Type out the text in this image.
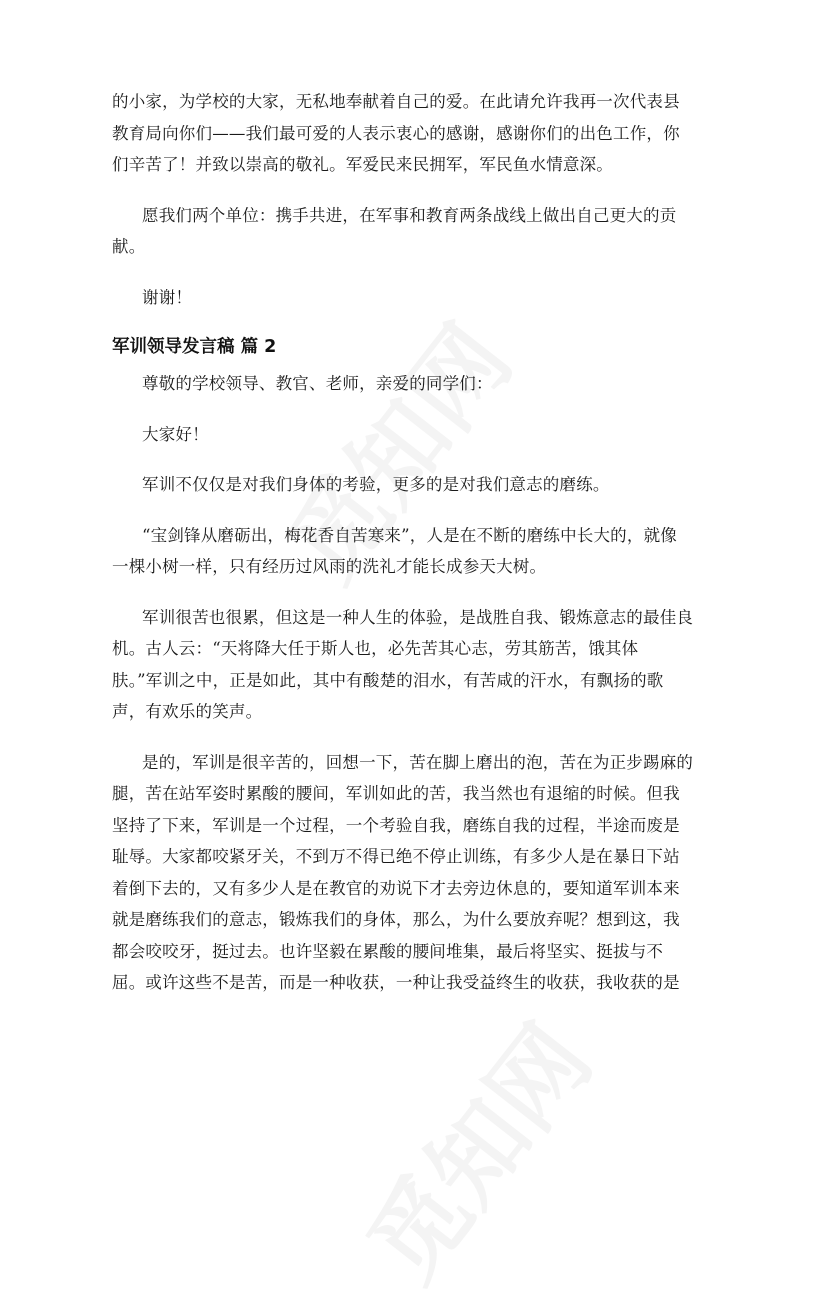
的小家，为学校的大家，无私地奉献着自己的爱。在此请允许我再一次代表县
教育局向你们——我们最可爱的人表示衷心的感谢，感谢你们的出色工作，你
们辛苦了！并致以崇高的敬礼。军爱民来民拥军，军民鱼水情意深。
愿我们两个单位：携手共进，在军事和教育两条战线上做出自己更大的贡
献。
谢谢！
军训领导发言稿 篇 2
尊敬的学校领导、教官、老师，亲爱的同学们：
大家好！
军训不仅仅是对我们身体的考验，更多的是对我们意志的磨练。
“宝剑锋从磨砺出，梅花香自苦寒来”，人是在不断的磨练中长大的，就像
一棵小树一样，只有经历过风雨的洗礼才能长成参天大树。
军训很苦也很累，但这是一种人生的体验，是战胜自我、锻炼意志的最佳良
机。古人云：“天将降大任于斯人也，必先苦其心志，劳其筋苦，饿其体
肤。”军训之中，正是如此，其中有酸楚的泪水，有苦咸的汗水，有飘扬的歌
声，有欢乐的笑声。
是的，军训是很辛苦的，回想一下，苦在脚上磨出的泡，苦在为正步踢麻的
腿，苦在站军姿时累酸的腰间，军训如此的苦，我当然也有退缩的时候。但我
坚持了下来，军训是一个过程，一个考验自我，磨练自我的过程，半途而废是
耻辱。大家都咬紧牙关，不到万不得已绝不停止训练，有多少人是在暴日下站
着倒下去的，又有多少人是在教官的劝说下才去旁边休息的，要知道军训本来
就是磨练我们的意志，锻炼我们的身体，那么，为什么要放弃呢？想到这，我
都会咬咬牙，挺过去。也许坚毅在累酸的腰间堆集，最后将坚实、挺拔与不
屈。或许这些不是苦，而是一种收获，一种让我受益终生的收获，我收获的是
